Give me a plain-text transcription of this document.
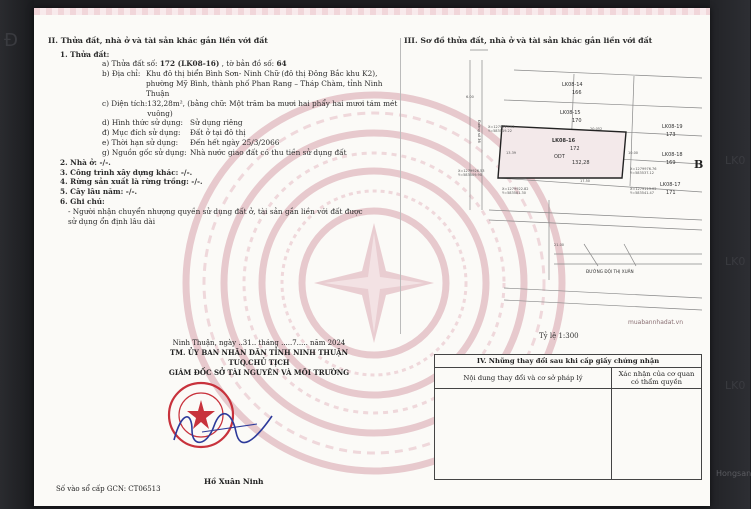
Đ
LK0
LK0
LK0
Hongsan
II. Thửa đất, nhà ở và tài sản khác gắn liền với đất
1. Thửa đất:
a) Thửa đất số: 172 (LK08-16) , tờ bản đồ số: 64
b) Địa chỉ: Khu đô thị biển Bình Sơn- Ninh Chữ (đô thị Đông Bắc khu K2), phường Mỹ Bình, thành phố Phan Rang – Tháp Chàm, tỉnh Ninh Thuận
c) Diện tích: 132,28m², (bằng chữ: Một trăm ba mươi hai phẩy hai mươi tám mét vuông)
d) Hình thức sử dụng: Sử dụng riêng
đ) Mục đích sử dụng:	Đất ở tại đô thị
e) Thời hạn sử dụng:	Đến hết ngày 25/3/2066
g) Nguồn gốc sử dụng: Nhà nước giao đất có thu tiền sử dụng đất
2. Nhà ở: -/-.
3. Công trình xây dựng khác: -/-.
4. Rừng sản xuất là rừng trồng: -/-.
5. Cây lâu năm: -/-.
6. Ghi chú:
- Người nhận chuyển nhượng quyền sử dụng đất ở, tài sản gắn liền với đất được sử dụng ổn định lâu dài
Ninh Thuận, ngày ..31.. tháng .....7..... năm 2024
TM. ỦY BAN NHÂN DÂN TỈNH NINH THUẬN
TUQ.CHỦ TỊCH
GIÁM ĐỐC SỞ TÀI NGUYÊN VÀ MÔI TRƯỜNG
Hồ Xuân Ninh
Số vào sổ cấp GCN: CT06513
III. Sơ đồ thửa đất, nhà ở và tài sản khác gắn liền với đất
LK08-14
166
LK08-15
170
LK08-16
172
ODT
132,28
LK08-17
171
LK08-18
169
LK08-19
173
ĐƯỜNG ĐỘI THỊ XUÂN
Đường số 36 X=1279913.93
Y=583519.22
X=1279926.53
Y=583509.90
X=1279976.76
Y=583537.12
X=1279113.02
Y=583541.47
X=1279922.82
Y=583581.30
20.052
13.39	10.00
21.00
6.00
17.50
muabannhadat.vn
B
Tỷ lệ 1:300
IV. Những thay đổi sau khi cấp giấy chứng nhận	
Nội dung thay đổi và cơ sở pháp lý	Xác nhận của cơ quan có thẩm quyền
